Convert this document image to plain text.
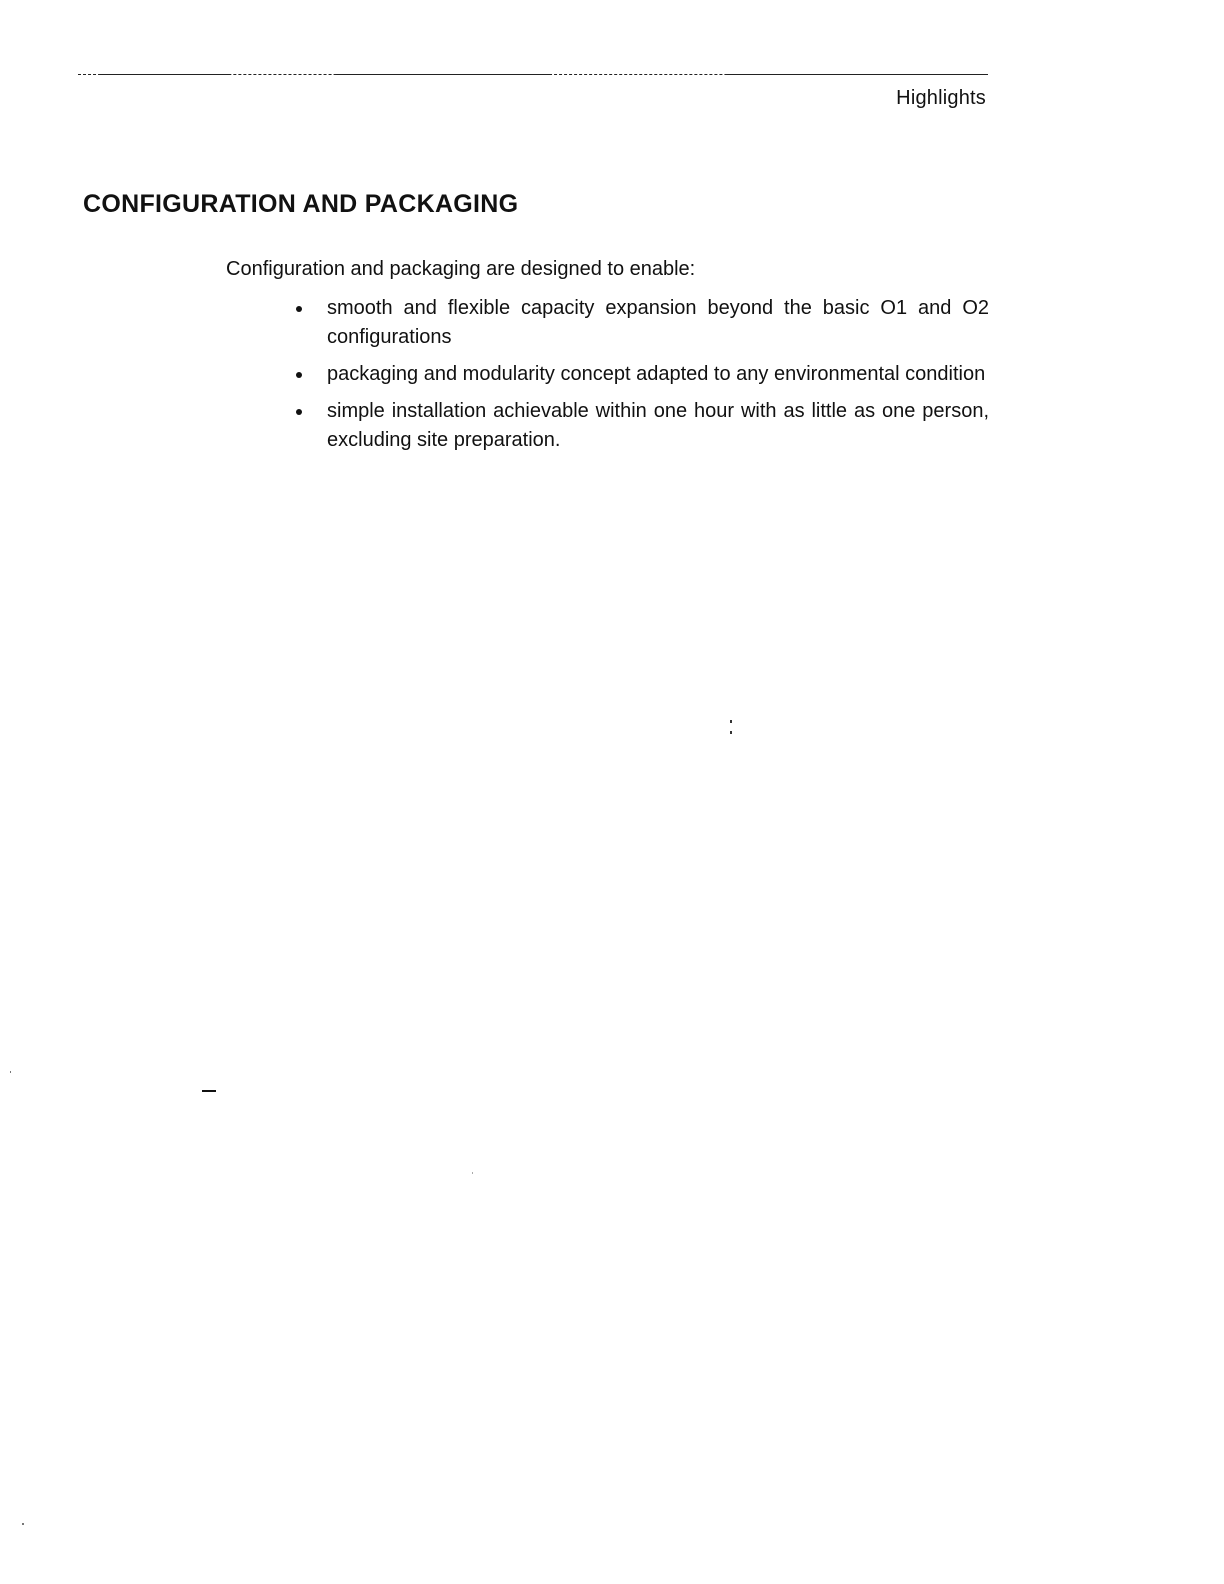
Highlights
CONFIGURATION AND PACKAGING

Configuration and packaging are designed to enable:

smooth and flexible capacity expansion beyond the basic O1 and O2 configurations
packaging and modularity concept adapted to any environmental condition
simple installation achievable within one hour with as little as one person, excluding site preparation.
